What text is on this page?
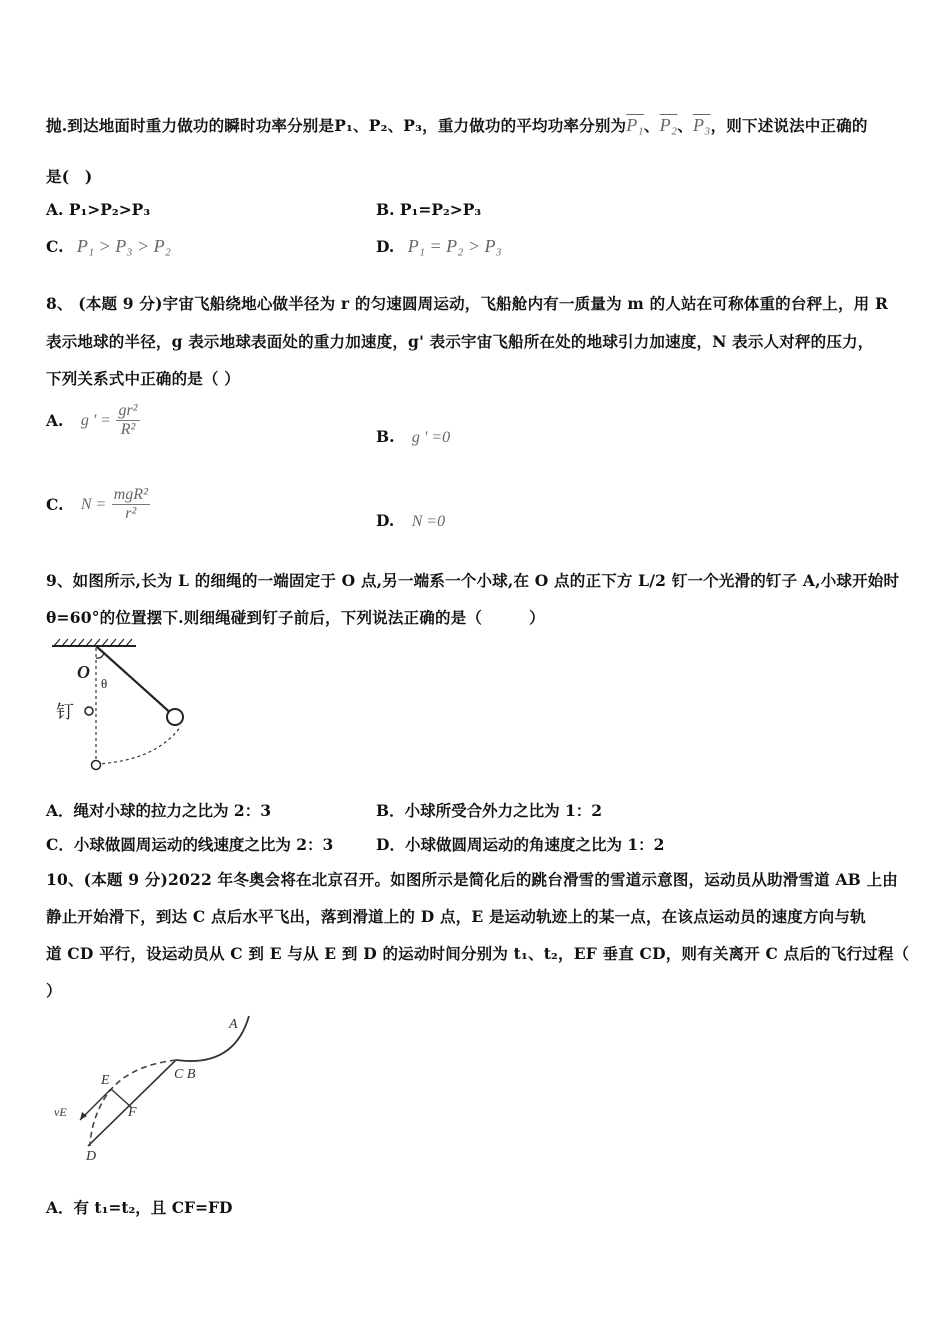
抛.到达地面时重力做功的瞬时功率分别是P₁、P₂、P₃，重力做功的平均功率分别为P₁、P₂、P₃，则下述说法中正确的
是(　)
A. P₁>P₂>P₃	B. P₁=P₂>P₃
C. P₁ > P₃ > P₂	D. P₁ = P₂ > P₃
8、 (本题 9 分)宇宙飞船绕地心做半径为 r 的匀速圆周运动，飞船舱内有一质量为 m 的人站在可称体重的台秤上，用 R
表示地球的半径，g 表示地球表面处的重力加速度，g' 表示宇宙飞船所在处的地球引力加速度，N 表示人对秤的压力，
下列关系式中正确的是（ ）
A. g ' = $\frac{\text{gr²}}{\text{R²}}$	B. g ' =0
C. $N = \frac{\text{mgR²}}{\text{r²}}$	D. N =0
9、如图所示,长为 L 的细绳的一端固定于 O 点,另一端系一个小球,在 O 点的正下方 L/2 钉一个光滑的钉子 A,小球开始时
θ=60°的位置摆下.则细绳碰到钉子前后，下列说法正确的是（　　　）
O
θ
钉
A．绳对小球的拉力之比为 2：3	B．小球所受合外力之比为 1：2
C．小球做圆周运动的线速度之比为 2：3	D．小球做圆周运动的角速度之比为 1：2
10、(本题 9 分)2022 年冬奥会将在北京召开。如图所示是简化后的跳台滑雪的雪道示意图，运动员从助滑雪道 AB 上由
静止开始滑下，到达 C 点后水平飞出，落到滑道上的 D 点，E 是运动轨迹上的某一点，在该点运动员的速度方向与轨
道 CD 平行，设运动员从 C 到 E 与从 E 到 D 的运动时间分别为 t₁、t₂，EF 垂直 CD，则有关离开 C 点后的飞行过程（
）
A
C B
E
F
D
vE
A．有 t₁=t₂，且 CF=FD
